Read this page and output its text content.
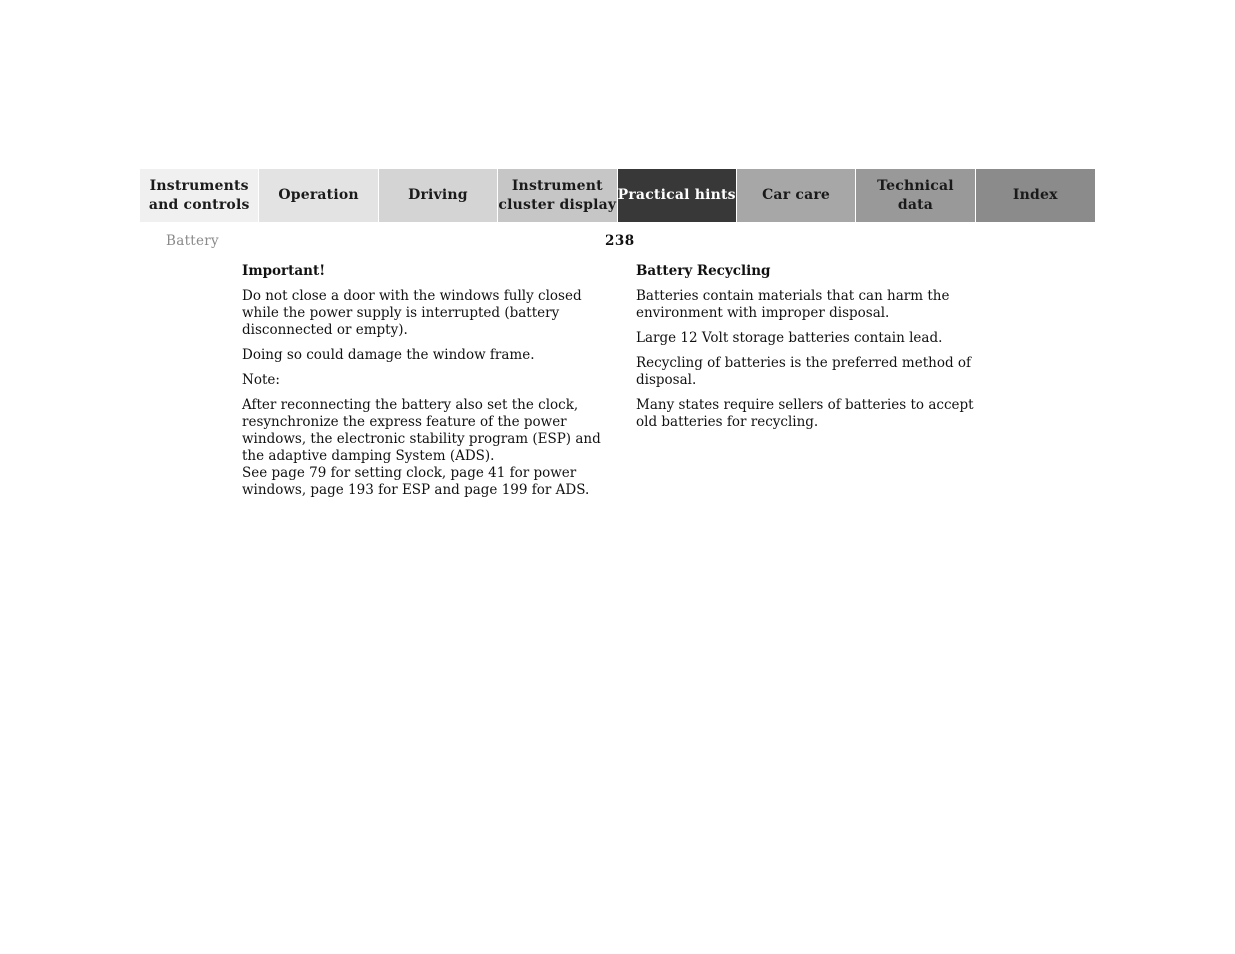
Instruments
and controls
Operation	Driving
Instrument
cluster display
Practical hints	Car care
Technical
data
Index
Battery	238
Important!

Do not close a door with the windows fully closed while the power supply is interrupted (battery disconnected or empty).

Doing so could damage the window frame.

Note:

After reconnecting the battery also set the clock, resynchronize the express feature of the power windows, the electronic stability program (ESP) and the adaptive damping System (ADS).

See page 79 for setting clock, page 41 for power windows, page 193 for ESP and page 199 for ADS.

Battery Recycling

Batteries contain materials that can harm the environment with improper disposal.

Large 12 Volt storage batteries contain lead.

Recycling of batteries is the preferred method of disposal.

Many states require sellers of batteries to accept old batteries for recycling.
